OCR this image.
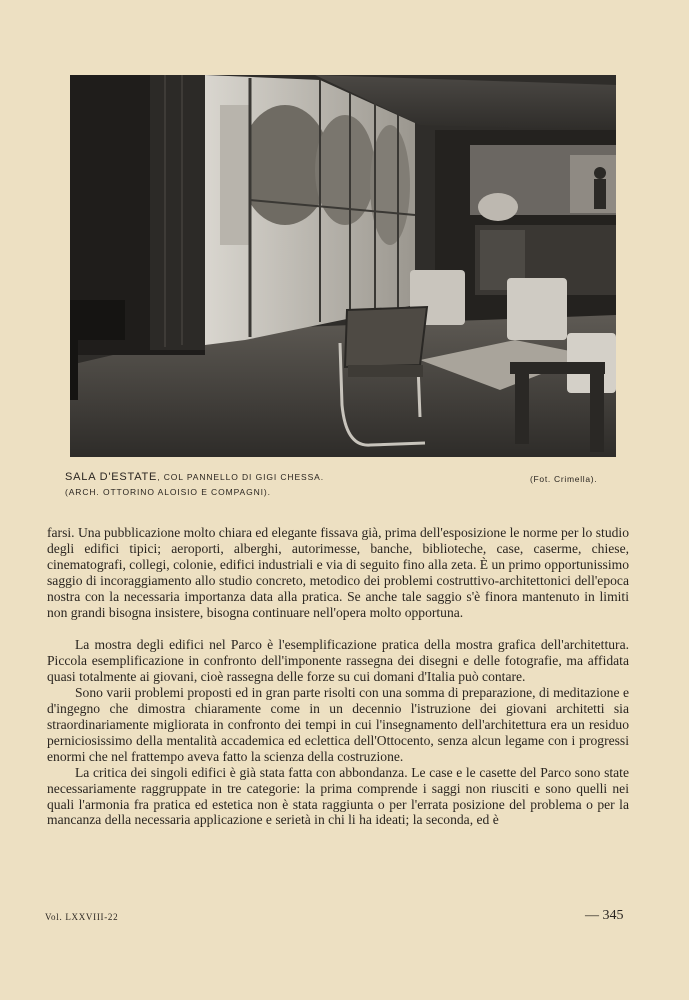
SALA D'ESTATE, COL PANNELLO DI GIGI CHESSA.
(ARCH. OTTORINO ALOISIO E COMPAGNI).
(Fot. Crimella).

farsi. Una pubblicazione molto chiara ed elegante fissava già, prima dell'esposizione le norme per lo studio degli edifici tipici; aeroporti, alberghi, autorimesse, banche, biblioteche, case, caserme, chiese, cinematografi, collegi, colonie, edifici industriali e via di seguito fino alla zeta. È un primo opportunissimo saggio di incoraggiamento allo studio concreto, metodico dei problemi costruttivo-architettonici dell'epoca nostra con la necessaria importanza data alla pratica. Se anche tale saggio s'è finora mantenuto in limiti non grandi bisogna insistere, bisogna continuare nell'opera molto opportuna.

La mostra degli edifici nel Parco è l'esemplificazione pratica della mostra grafica dell'architettura. Piccola esemplificazione in confronto dell'imponente rassegna dei disegni e delle fotografie, ma affidata quasi totalmente ai giovani, cioè rassegna delle forze su cui domani d'Italia può contare.

Sono varii problemi proposti ed in gran parte risolti con una somma di preparazione, di meditazione e d'ingegno che dimostra chiaramente come in un decennio l'istruzione dei giovani architetti sia straordinariamente migliorata in confronto dei tempi in cui l'insegnamento dell'architettura era un residuo perniciosissimo della mentalità accademica ed eclettica dell'Ottocento, senza alcun legame con i progressi enormi che nel frattempo aveva fatto la scienza della costruzione.

La critica dei singoli edifici è già stata fatta con abbondanza. Le case e le casette del Parco sono state necessariamente raggruppate in tre categorie: la prima comprende i saggi non riusciti e sono quelli nei quali l'armonia fra pratica ed estetica non è stata raggiunta o per l'errata posizione del problema o per la mancanza della necessaria applicazione e serietà in chi li ha ideati; la seconda, ed è

Vol. LXXVIII-22	— 345
